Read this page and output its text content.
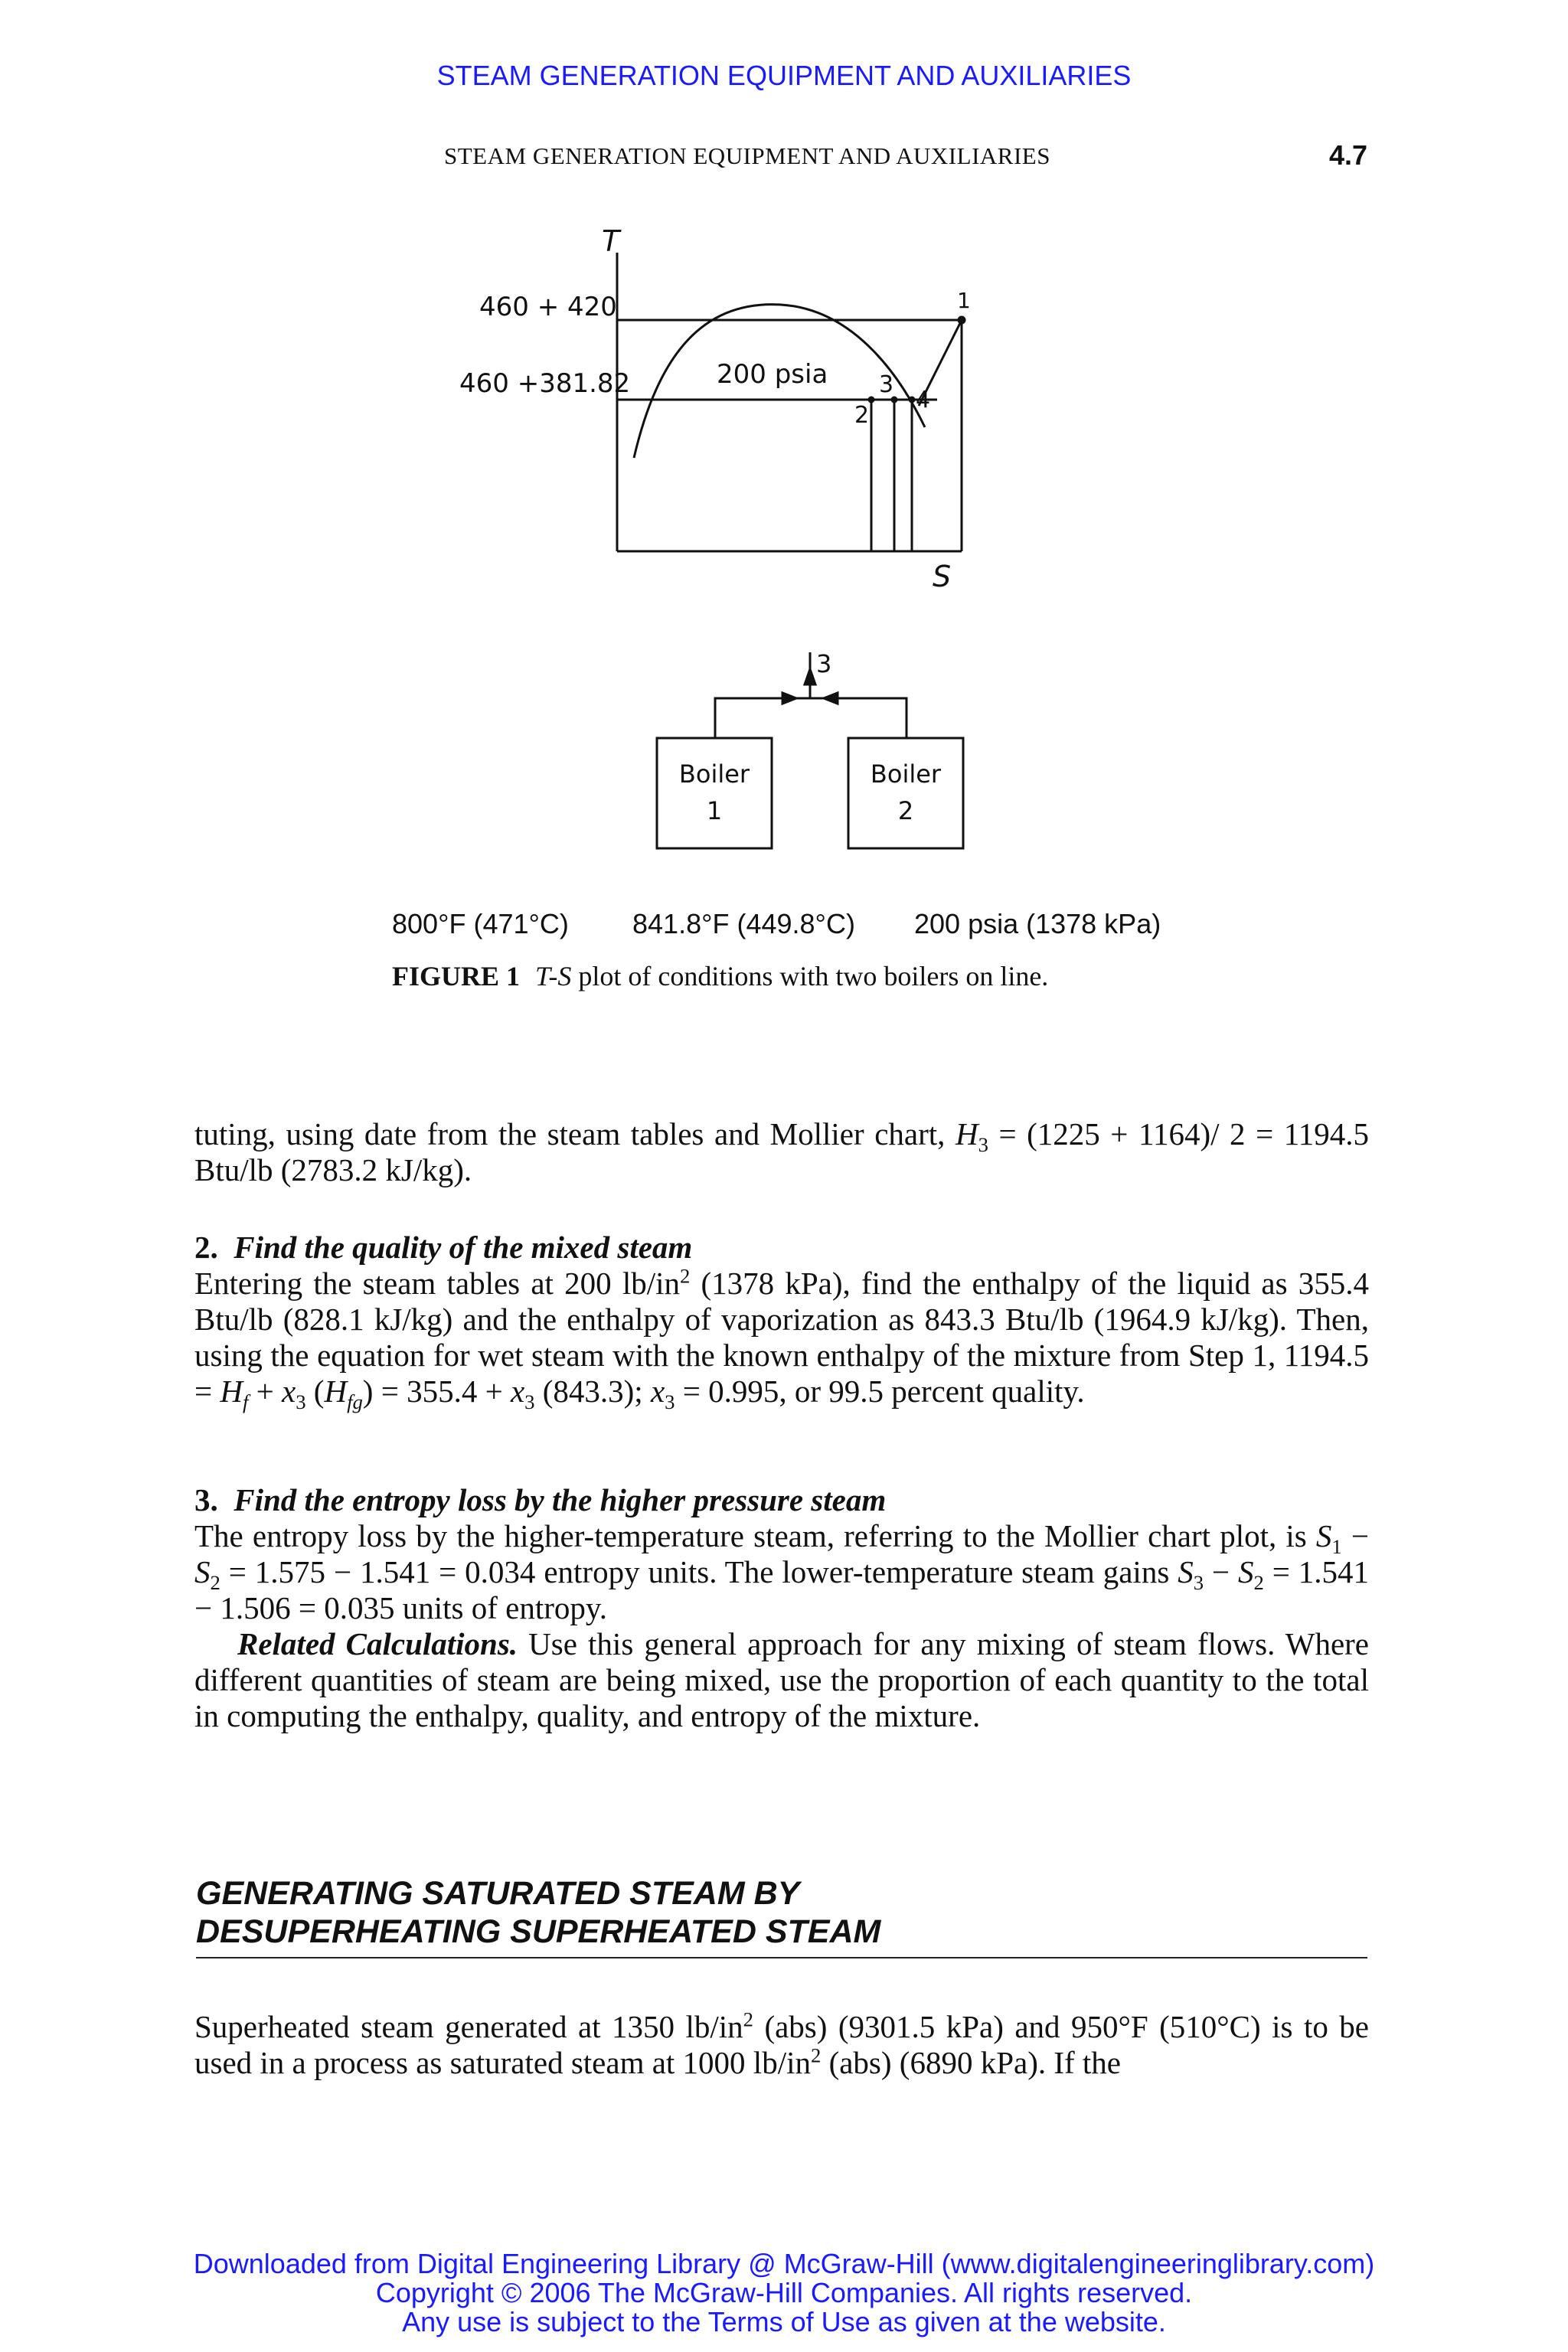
STEAM GENERATION EQUIPMENT AND AUXILIARIES
STEAM GENERATION EQUIPMENT AND AUXILIARIES	4.7
T
S
460 + 420
460 +381.82	200 psia
1
2
3
4
3
Boiler
1
Boiler
2
800°F (471°C) 841.8°F (449.8°C) 200 psia (1378 kPa)
FIGURE 1 T-S plot of conditions with two boilers on line.
tuting, using date from the steam tables and Mollier chart, $H_3 = (1225 + 1164)/$ 2 = 1194.5 Btu/lb (2783.2 kJ/kg).
2. Find the quality of the mixed steam
Entering the steam tables at 200 $lb/in^2$ (1378 kPa), find the enthalpy of the liquid as 355.4 Btu/lb (828.1 kJ/kg) and the enthalpy of vaporization as 843.3 Btu/lb (1964.9 kJ/kg). Then, using the equation for wet steam with the known enthalpy of the mixture from Step 1, $1194.5 = H_f + x_3$ $(H_{fg}) = 355.4 + x_3$ (843.3); $x_3 = 0.995$, or 99.5 percent quality.
3. Find the entropy loss by the higher pressure steam
The entropy loss by the higher-temperature steam, referring to the Mollier chart plot, is $S_1 - S_2 = 1.575 - 1.541 = 0.034$ entropy units. The lower-temperature steam gains $S_3 - S_2 = 1.541 - 1.506 = 0.035$ units of entropy.
Related Calculations. Use this general approach for any mixing of steam flows. Where different quantities of steam are being mixed, use the proportion of each quantity to the total in computing the enthalpy, quality, and entropy of the mixture.
GENERATING SATURATED STEAM BY
DESUPERHEATING SUPERHEATED STEAM
Superheated steam generated at 1350 $lb/in^2$ (abs) (9301.5 kPa) and 950°F (510°C) is to be used in a process as saturated steam at 1000 $lb/in^2$ (abs) (6890 kPa). If the
Downloaded from Digital Engineering Library @ McGraw-Hill (www.digitalengineeringlibrary.com)
Copyright © 2006 The McGraw-Hill Companies. All rights reserved.
Any use is subject to the Terms of Use as given at the website.
